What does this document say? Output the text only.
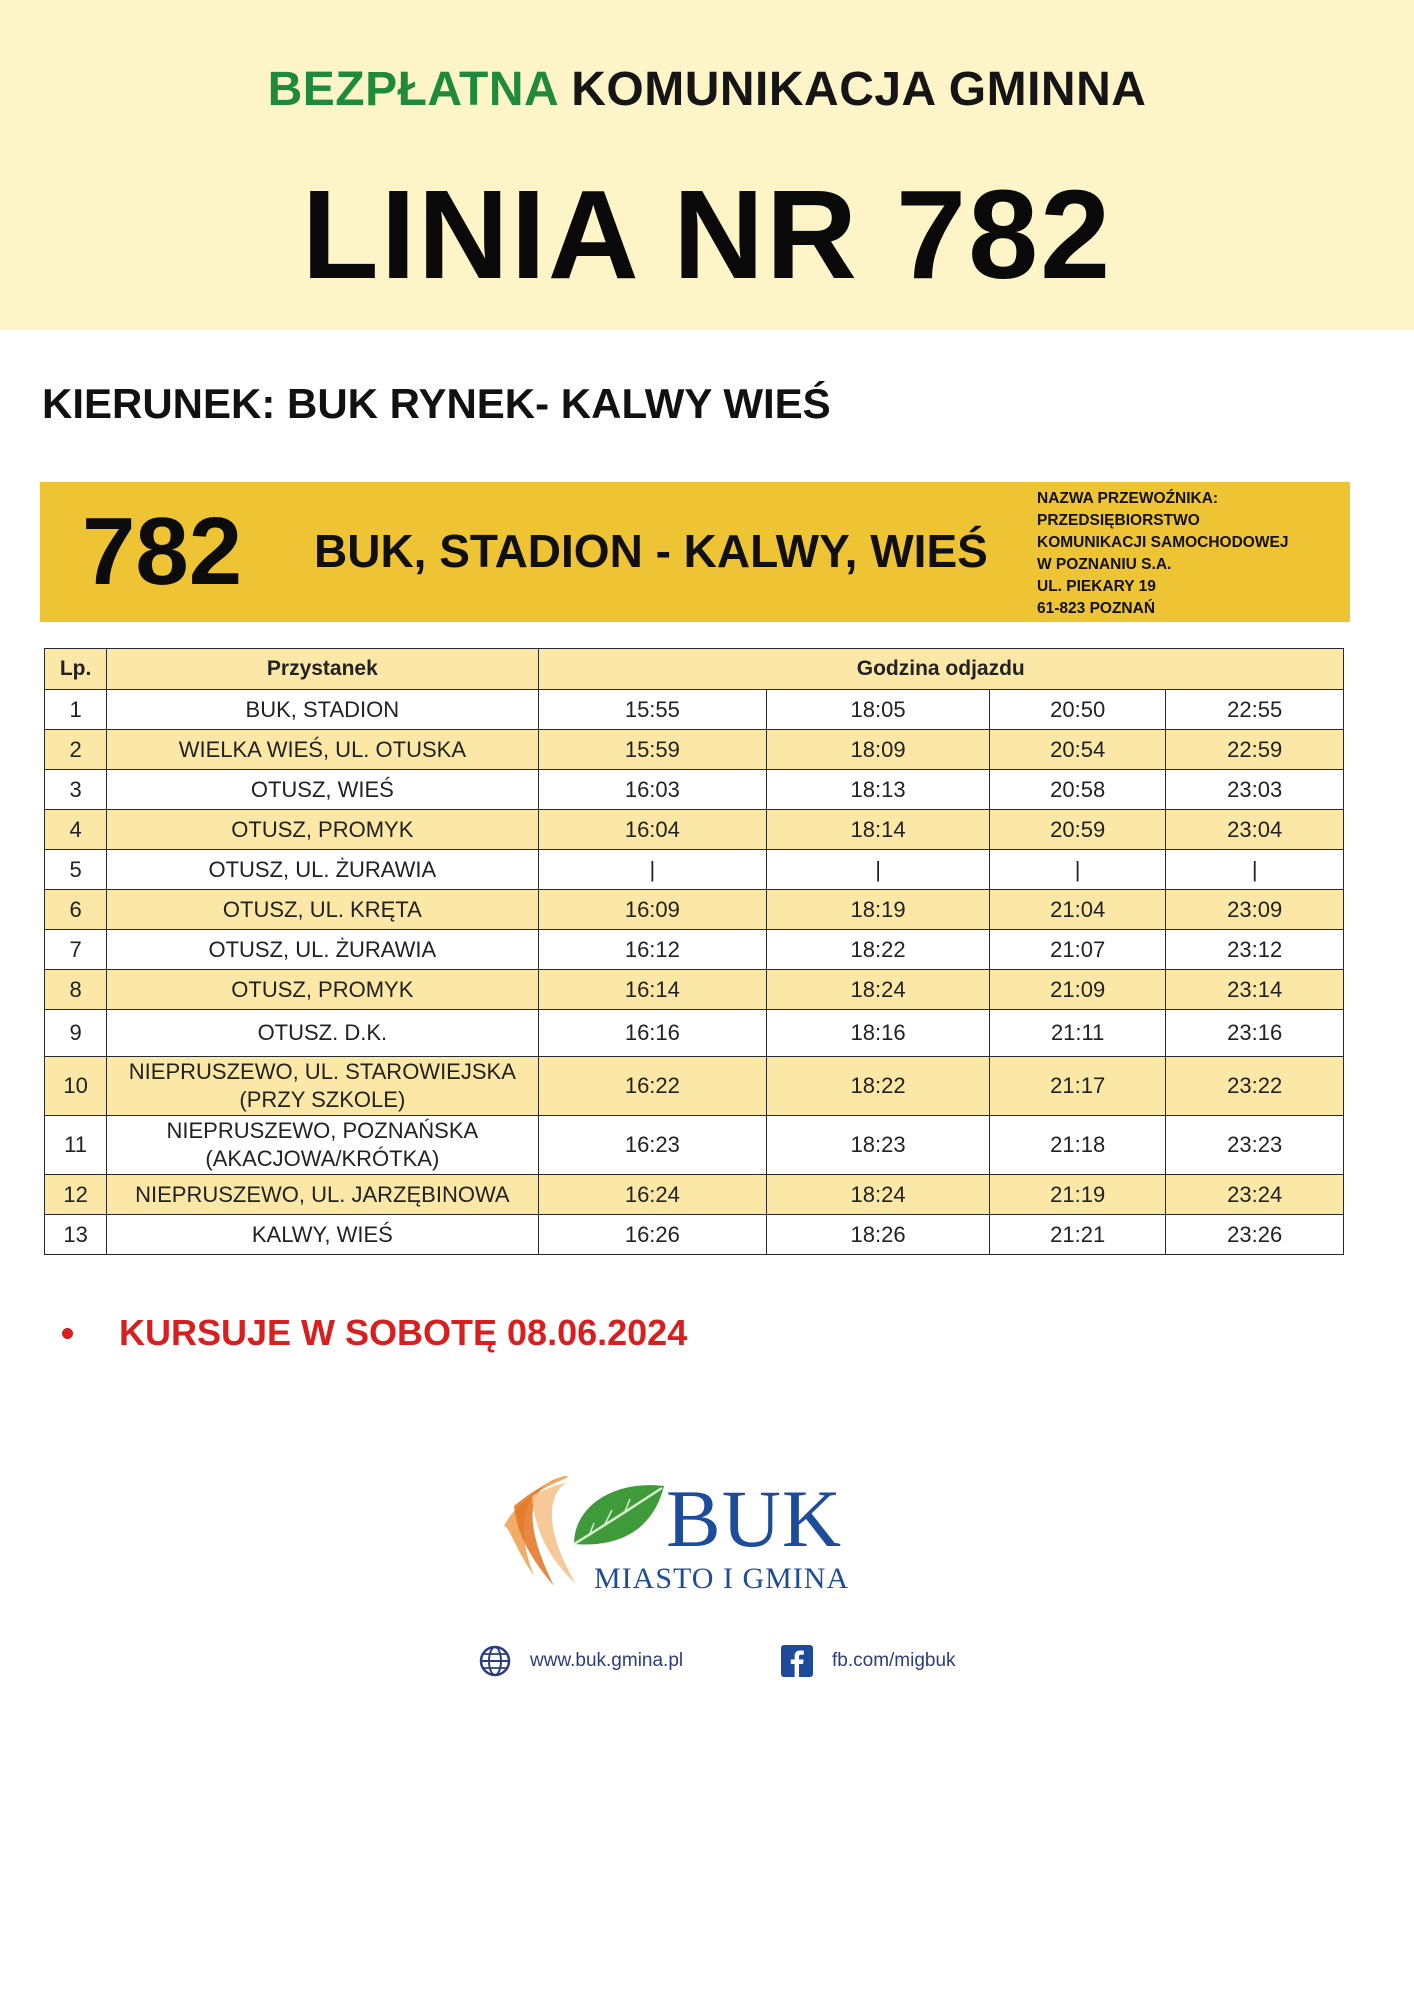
BEZPŁATNA KOMUNIKACJA GMINNA
LINIA NR 782
KIERUNEK: BUK RYNEK- KALWY WIEŚ
782 BUK, STADION - KALWY, WIEŚ
NAZWA PRZEWOŹNIKA:
PRZEDSIĘBIORSTWO
KOMUNIKACJI SAMOCHODOWEJ
W POZNANIU S.A.
UL. PIEKARY 19
61-823 POZNAŃ
Lp.	Przystanek	Godzina odjazdu			
1	BUK, STADION	15:55	18:05	20:50	22:55
2	WIELKA WIEŚ, UL. OTUSKA	15:59	18:09	20:54	22:59
3	OTUSZ, WIEŚ	16:03	18:13	20:58	23:03
4	OTUSZ, PROMYK	16:04	18:14	20:59	23:04
5	OTUSZ, UL. ŻURAWIA	|	|	|	|
6	OTUSZ, UL. KRĘTA	16:09	18:19	21:04	23:09
7	OTUSZ, UL. ŻURAWIA	16:12	18:22	21:07	23:12
8	OTUSZ, PROMYK	16:14	18:24	21:09	23:14
9	OTUSZ. D.K.	16:16	18:16	21:11	23:16
10	NIEPRUSZEWO, UL. STAROWIEJSKA
(PRZY SZKOLE)	16:22	18:22	21:17	23:22
11	NIEPRUSZEWO, POZNAŃSKA
(AKACJOWA/KRÓTKA)	16:23	18:23	21:18	23:23
12	NIEPRUSZEWO, UL. JARZĘBINOWA	16:24	18:24	21:19	23:24
13	KALWY, WIEŚ	16:26	18:26	21:21	23:26
KURSUJE W SOBOTĘ 08.06.2024
BUK
MIASTO I GMINA
www.buk.gmina.pl	fb.com/migbuk
